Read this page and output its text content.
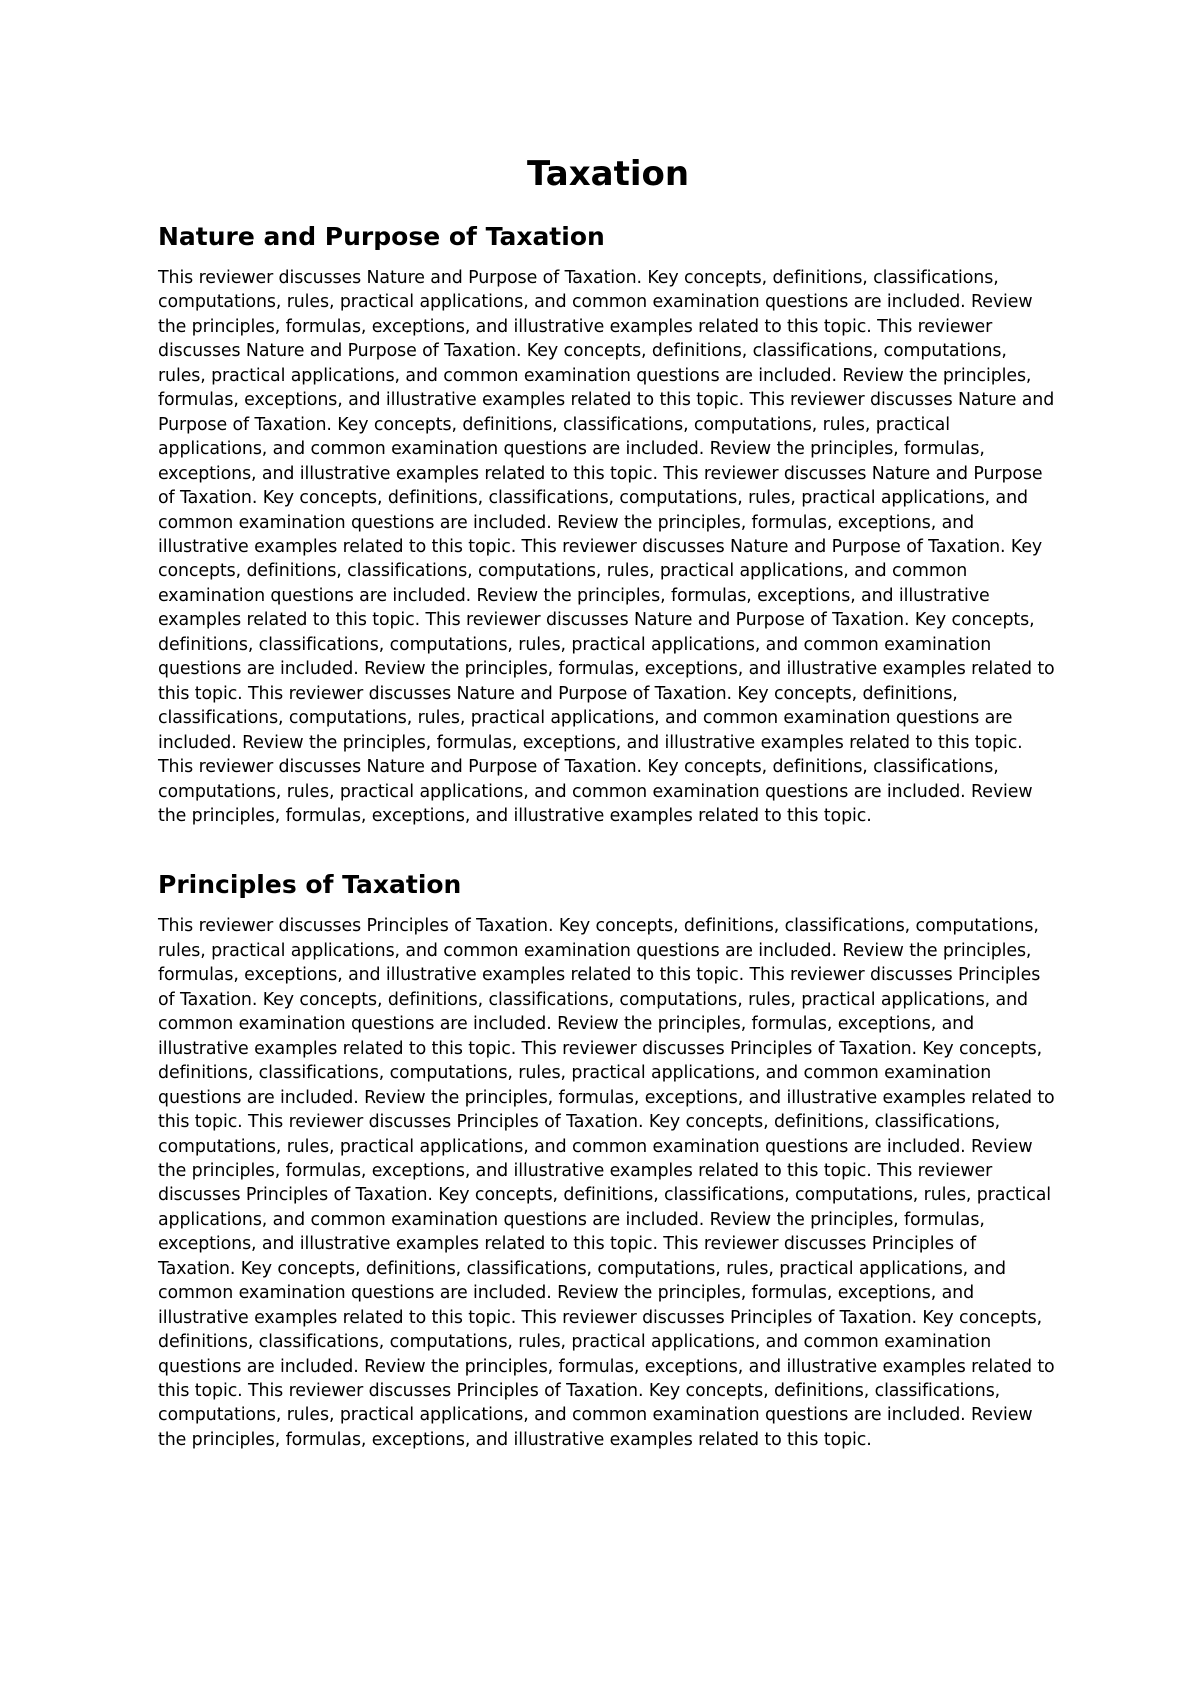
Taxation
Nature and Purpose of Taxation

This reviewer discusses Nature and Purpose of Taxation. Key concepts, definitions, classifications, computations, rules, practical applications, and common examination questions are included. Review the principles, formulas, exceptions, and illustrative examples related to this topic. This reviewer discusses Nature and Purpose of Taxation. Key concepts, definitions, classifications, computations, rules, practical applications, and common examination questions are included. Review the principles, formulas, exceptions, and illustrative examples related to this topic. This reviewer discusses Nature and Purpose of Taxation. Key concepts, definitions, classifications, computations, rules, practical applications, and common examination questions are included. Review the principles, formulas, exceptions, and illustrative examples related to this topic. This reviewer discusses Nature and Purpose of Taxation. Key concepts, definitions, classifications, computations, rules, practical applications, and common examination questions are included. Review the principles, formulas, exceptions, and illustrative examples related to this topic. This reviewer discusses Nature and Purpose of Taxation. Key concepts, definitions, classifications, computations, rules, practical applications, and common examination questions are included. Review the principles, formulas, exceptions, and illustrative examples related to this topic. This reviewer discusses Nature and Purpose of Taxation. Key concepts, definitions, classifications, computations, rules, practical applications, and common examination questions are included. Review the principles, formulas, exceptions, and illustrative examples related to this topic. This reviewer discusses Nature and Purpose of Taxation. Key concepts, definitions, classifications, computations, rules, practical applications, and common examination questions are included. Review the principles, formulas, exceptions, and illustrative examples related to this topic. This reviewer discusses Nature and Purpose of Taxation. Key concepts, definitions, classifications, computations, rules, practical applications, and common examination questions are included. Review the principles, formulas, exceptions, and illustrative examples related to this topic.

Principles of Taxation

This reviewer discusses Principles of Taxation. Key concepts, definitions, classifications, computations, rules, practical applications, and common examination questions are included. Review the principles, formulas, exceptions, and illustrative examples related to this topic. This reviewer discusses Principles of Taxation. Key concepts, definitions, classifications, computations, rules, practical applications, and common examination questions are included. Review the principles, formulas, exceptions, and illustrative examples related to this topic. This reviewer discusses Principles of Taxation. Key concepts, definitions, classifications, computations, rules, practical applications, and common examination questions are included. Review the principles, formulas, exceptions, and illustrative examples related to this topic. This reviewer discusses Principles of Taxation. Key concepts, definitions, classifications, computations, rules, practical applications, and common examination questions are included. Review the principles, formulas, exceptions, and illustrative examples related to this topic. This reviewer discusses Principles of Taxation. Key concepts, definitions, classifications, computations, rules, practical applications, and common examination questions are included. Review the principles, formulas, exceptions, and illustrative examples related to this topic. This reviewer discusses Principles of Taxation. Key concepts, definitions, classifications, computations, rules, practical applications, and common examination questions are included. Review the principles, formulas, exceptions, and illustrative examples related to this topic. This reviewer discusses Principles of Taxation. Key concepts, definitions, classifications, computations, rules, practical applications, and common examination questions are included. Review the principles, formulas, exceptions, and illustrative examples related to this topic. This reviewer discusses Principles of Taxation. Key concepts, definitions, classifications, computations, rules, practical applications, and common examination questions are included. Review the principles, formulas, exceptions, and illustrative examples related to this topic.
